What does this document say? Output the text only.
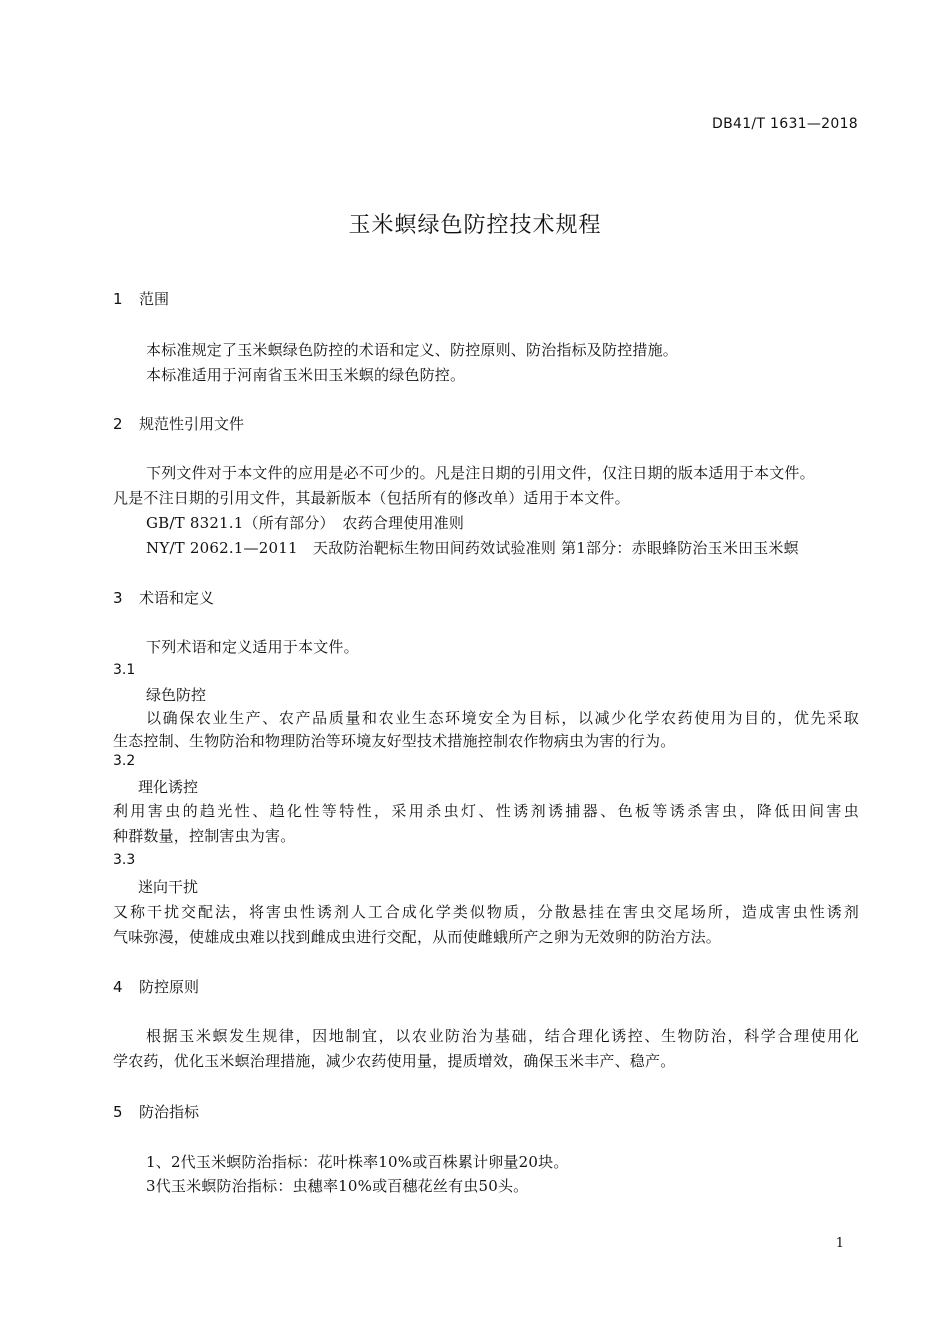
DB41/T 1631—2018
玉米螟绿色防控技术规程
1 范围
本标准规定了玉米螟绿色防控的术语和定义、防控原则、防治指标及防控措施。
本标准适用于河南省玉米田玉米螟的绿色防控。
2 规范性引用文件
下列文件对于本文件的应用是必不可少的。凡是注日期的引用文件，仅注日期的版本适用于本文件。
凡是不注日期的引用文件，其最新版本（包括所有的修改单）适用于本文件。
GB/T 8321.1（所有部分）　农药合理使用准则
NY/T 2062.1—2011　天敌防治靶标生物田间药效试验准则 第1部分：赤眼蜂防治玉米田玉米螟
3 术语和定义
下列术语和定义适用于本文件。
3.1
绿色防控
以确保农业生产、农产品质量和农业生态环境安全为目标，以减少化学农药使用为目的，优先采取
生态控制、生物防治和物理防治等环境友好型技术措施控制农作物病虫为害的行为。
3.2
理化诱控
利用害虫的趋光性、趋化性等特性，采用杀虫灯、性诱剂诱捕器、色板等诱杀害虫，降低田间害虫
种群数量，控制害虫为害。
3.3
迷向干扰
又称干扰交配法，将害虫性诱剂人工合成化学类似物质，分散悬挂在害虫交尾场所，造成害虫性诱剂
气味弥漫，使雄成虫难以找到雌成虫进行交配，从而使雌蛾所产之卵为无效卵的防治方法。
4 防控原则
根据玉米螟发生规律，因地制宜，以农业防治为基础，结合理化诱控、生物防治，科学合理使用化
学农药，优化玉米螟治理措施，减少农药使用量，提质增效，确保玉米丰产、稳产。
5 防治指标
1、2代玉米螟防治指标：花叶株率10%或百株累计卵量20块。
3代玉米螟防治指标：虫穗率10%或百穗花丝有虫50头。
1
